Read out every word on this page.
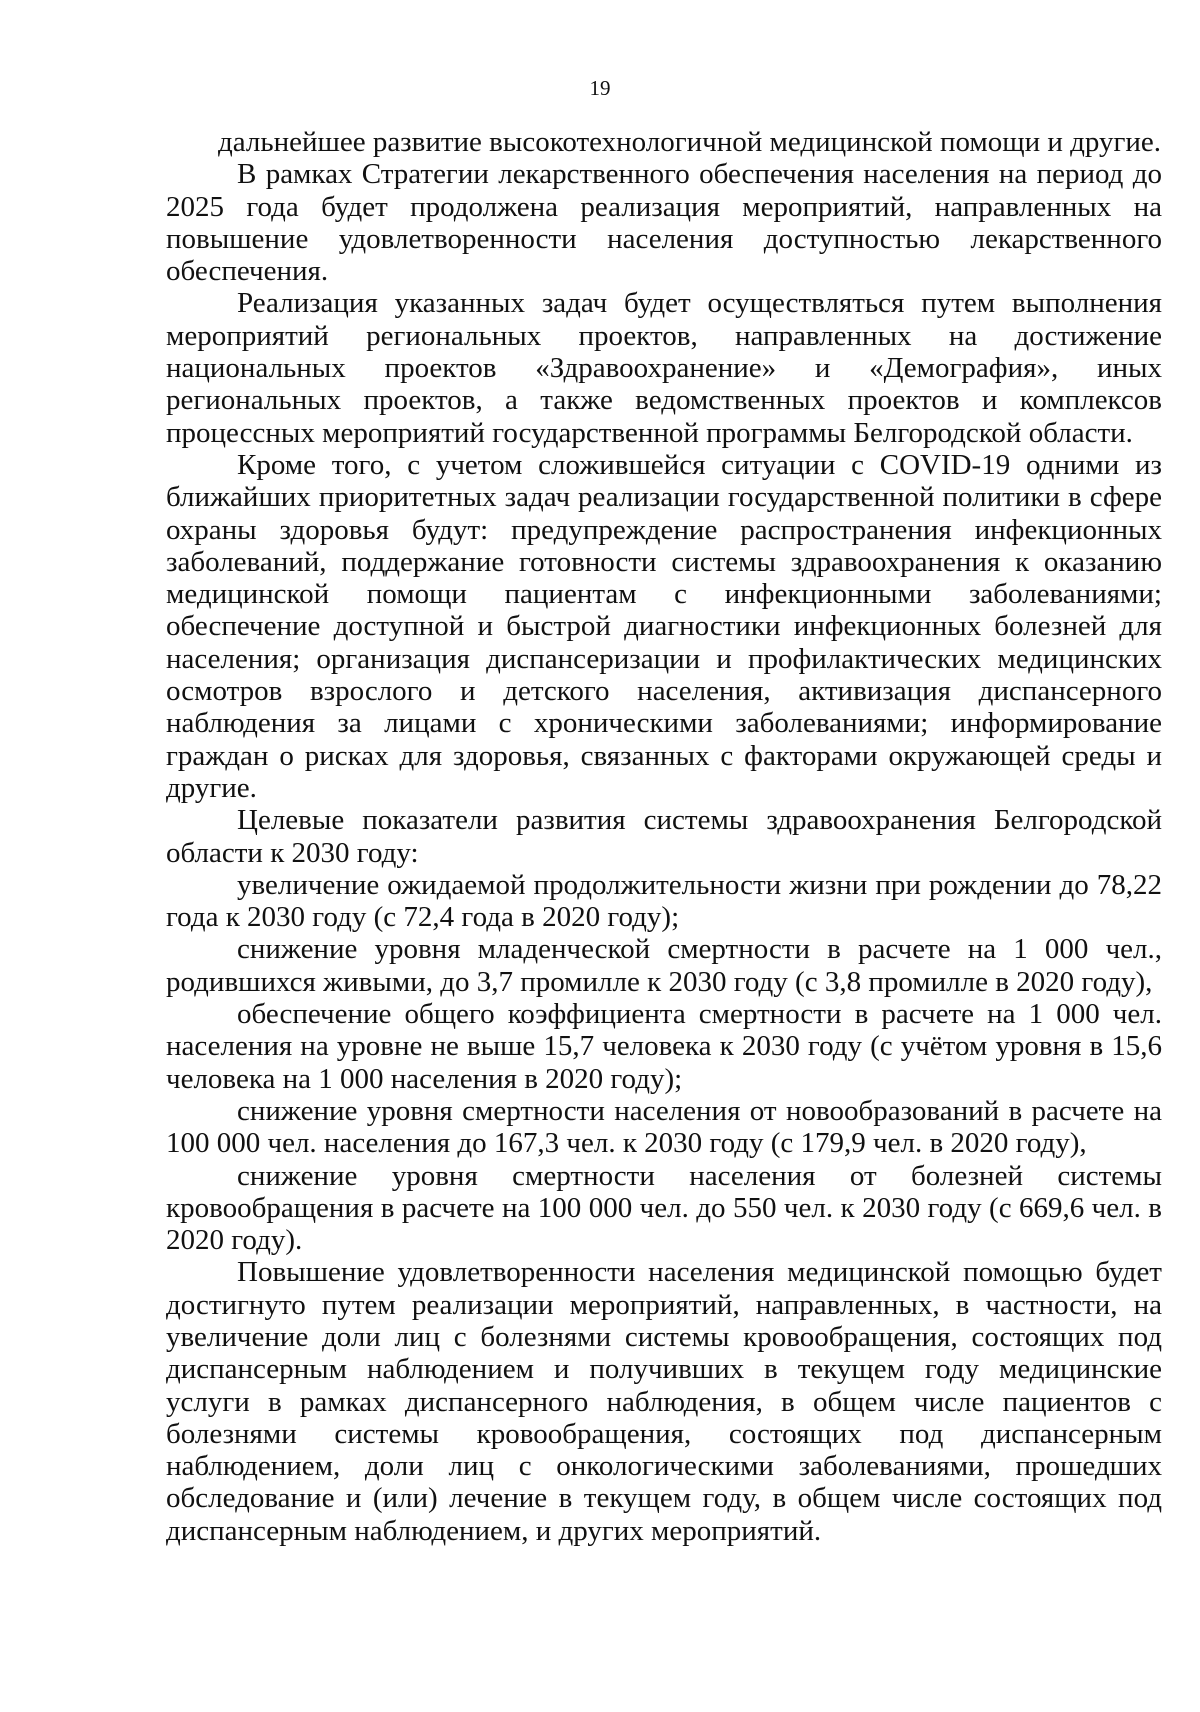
19

дальнейшее развитие высокотехнологичной медицинской помощи и другие.

В рамках Стратегии лекарственного обеспечения населения на период до 2025 года будет продолжена реализация мероприятий, направленных на повышение удовлетворенности населения доступностью лекарственного обеспечения.

Реализация указанных задач будет осуществляться путем выполнения мероприятий региональных проектов, направленных на достижение национальных проектов «Здравоохранение» и «Демография», иных региональных проектов, а также ведомственных проектов и комплексов процессных мероприятий государственной программы Белгородской области.

Кроме того, с учетом сложившейся ситуации с COVID-19 одними из ближайших приоритетных задач реализации государственной политики в сфере охраны здоровья будут: предупреждение распространения инфекционных заболеваний, поддержание готовности системы здравоохранения к оказанию медицинской помощи пациентам с инфекционными заболеваниями; обеспечение доступной и быстрой диагностики инфекционных болезней для населения; организация диспансеризации и профилактических медицинских осмотров взрослого и детского населения, активизация диспансерного наблюдения за лицами с хроническими заболеваниями; информирование граждан о рисках для здоровья, связанных с факторами окружающей среды и другие.

Целевые показатели развития системы здравоохранения Белгородской области к 2030 году:

увеличение ожидаемой продолжительности жизни при рождении до 78,22 года к 2030 году (с 72,4 года в 2020 году);

снижение уровня младенческой смертности в расчете на 1 000 чел., родившихся живыми, до 3,7 промилле к 2030 году (с 3,8 промилле в 2020 году),

обеспечение общего коэффициента смертности в расчете на 1 000 чел. населения на уровне не выше 15,7 человека к 2030 году (с учётом уровня в 15,6 человека на 1 000 населения в 2020 году);

снижение уровня смертности населения от новообразований в расчете на 100 000 чел. населения до 167,3 чел. к 2030 году (с 179,9 чел. в 2020 году),

снижение уровня смертности населения от болезней системы кровообращения в расчете на 100 000 чел. до 550 чел. к 2030 году (с 669,6 чел. в 2020 году).

Повышение удовлетворенности населения медицинской помощью будет достигнуто путем реализации мероприятий, направленных, в частности, на увеличение доли лиц с болезнями системы кровообращения, состоящих под диспансерным наблюдением и получивших в текущем году медицинские услуги в рамках диспансерного наблюдения, в общем числе пациентов с болезнями системы кровообращения, состоящих под диспансерным наблюдением, доли лиц с онкологическими заболеваниями, прошедших обследование и (или) лечение в текущем году, в общем числе состоящих под диспансерным наблюдением, и других мероприятий.
